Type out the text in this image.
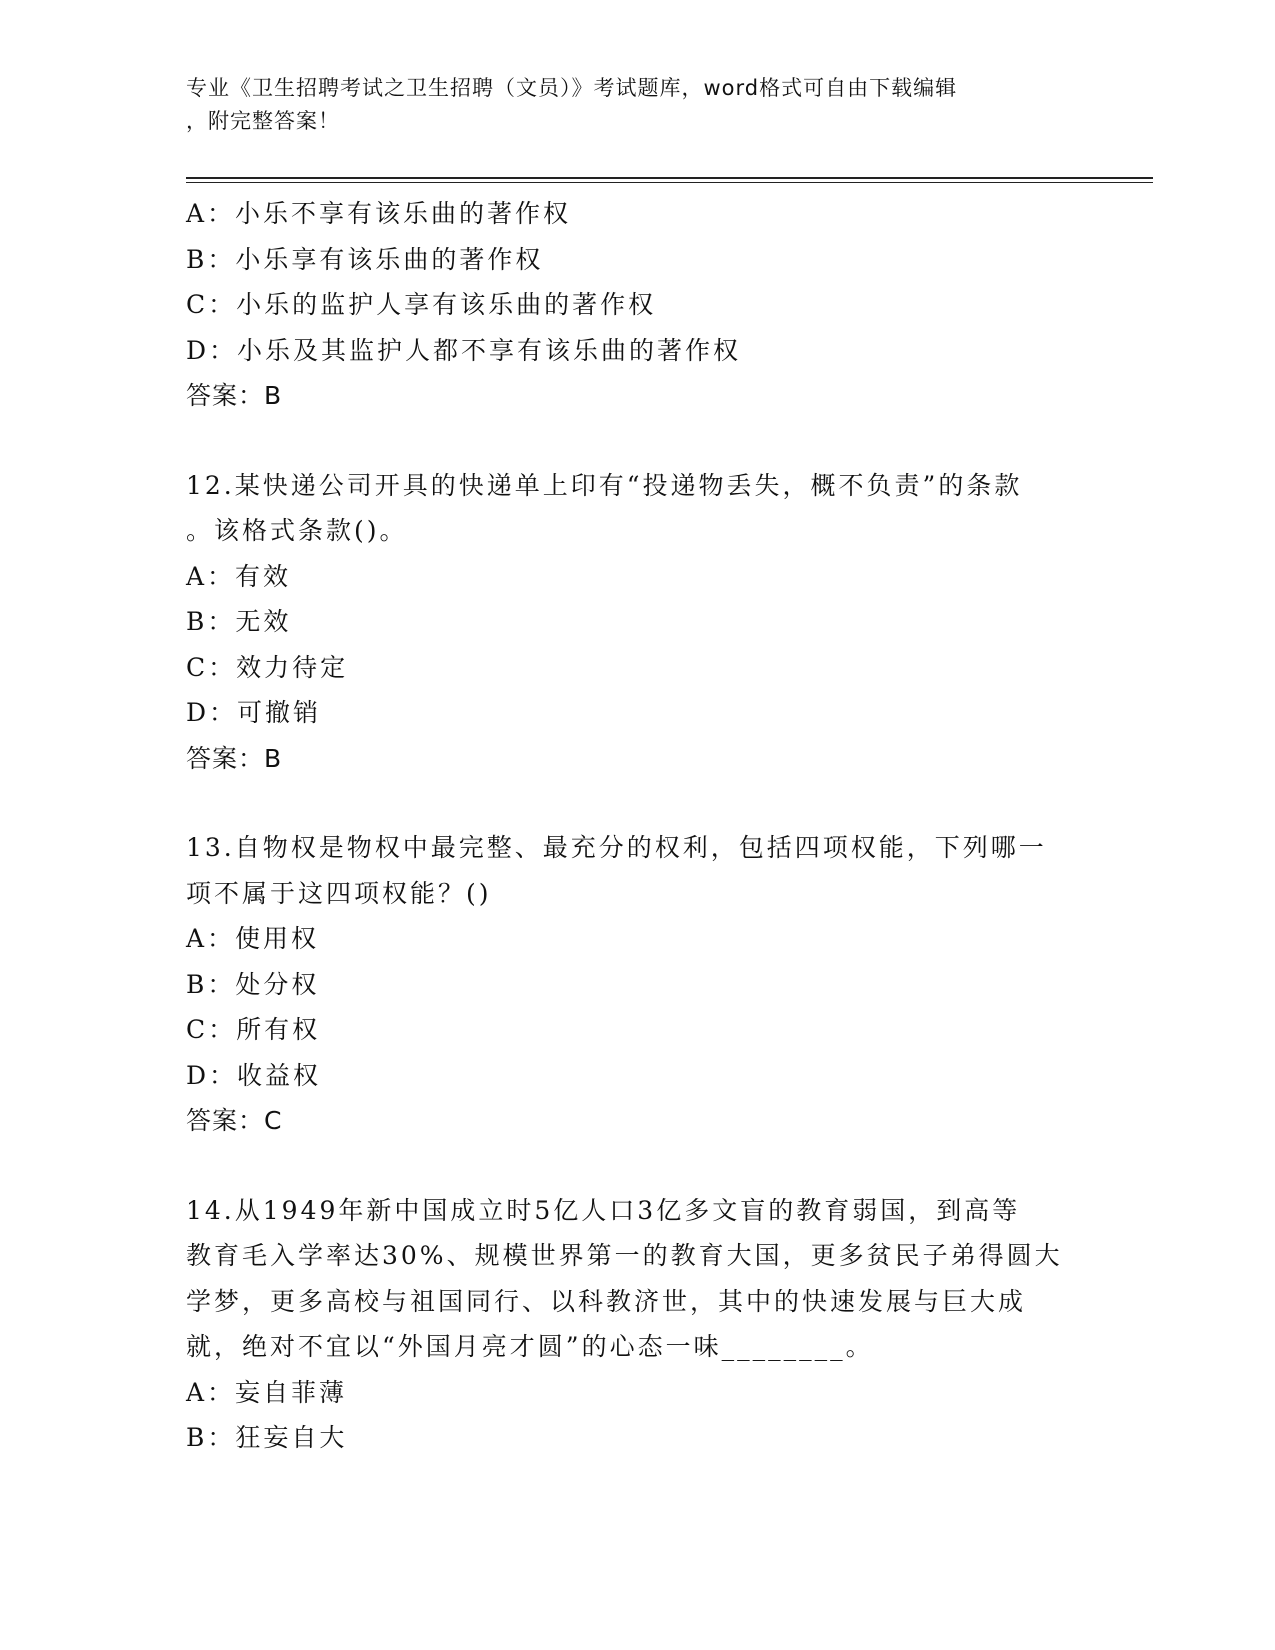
专业《卫生招聘考试之卫生招聘（文员）》考试题库，word格式可自由下载编辑
，附完整答案！
A：小乐不享有该乐曲的著作权
B：小乐享有该乐曲的著作权
C：小乐的监护人享有该乐曲的著作权
D：小乐及其监护人都不享有该乐曲的著作权
答案：B
12.某快递公司开具的快递单上印有“投递物丢失，概不负责”的条款
。该格式条款()。
A：有效
B：无效
C：效力待定
D：可撤销
答案：B
13.自物权是物权中最完整、最充分的权利，包括四项权能，下列哪一
项不属于这四项权能？()
A：使用权
B：处分权
C：所有权
D：收益权
答案：C
14.从1949年新中国成立时5亿人口3亿多文盲的教育弱国，到高等
教育毛入学率达30%、规模世界第一的教育大国，更多贫民子弟得圆大
学梦，更多高校与祖国同行、以科教济世，其中的快速发展与巨大成
就，绝对不宜以“外国月亮才圆”的心态一味________。
A：妄自菲薄
B：狂妄自大
